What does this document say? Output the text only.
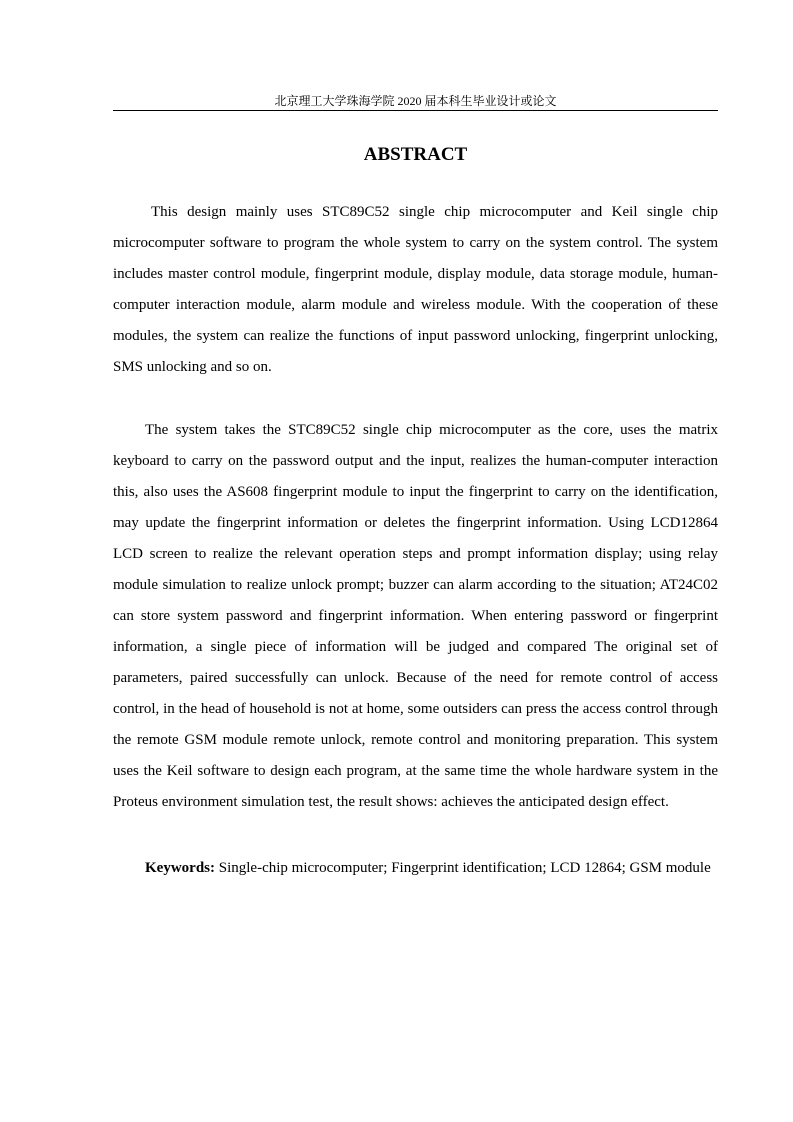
北京理工大学珠海学院 2020 届本科生毕业设计或论文
ABSTRACT

This design mainly uses STC89C52 single chip microcomputer and Keil single chip microcomputer software to program the whole system to carry on the system control. The system includes master control module, fingerprint module, display module, data storage module, human-computer interaction module, alarm module and wireless module. With the cooperation of these modules, the system can realize the functions of input password unlocking, fingerprint unlocking, SMS unlocking and so on.

The system takes the STC89C52 single chip microcomputer as the core, uses the matrix keyboard to carry on the password output and the input, realizes the human-computer interaction this, also uses the AS608 fingerprint module to input the fingerprint to carry on the identification, may update the fingerprint information or deletes the fingerprint information. Using LCD12864 LCD screen to realize the relevant operation steps and prompt information display; using relay module simulation to realize unlock prompt; buzzer can alarm according to the situation; AT24C02 can store system password and fingerprint information. When entering password or fingerprint information, a single piece of information will be judged and compared The original set of parameters, paired successfully can unlock. Because of the need for remote control of access control, in the head of household is not at home, some outsiders can press the access control through the remote GSM module remote unlock, remote control and monitoring preparation. This system uses the Keil software to design each program, at the same time the whole hardware system in the Proteus environment simulation test, the result shows: achieves the anticipated design effect.

Keywords: Single-chip microcomputer; Fingerprint identification; LCD 12864; GSM module
